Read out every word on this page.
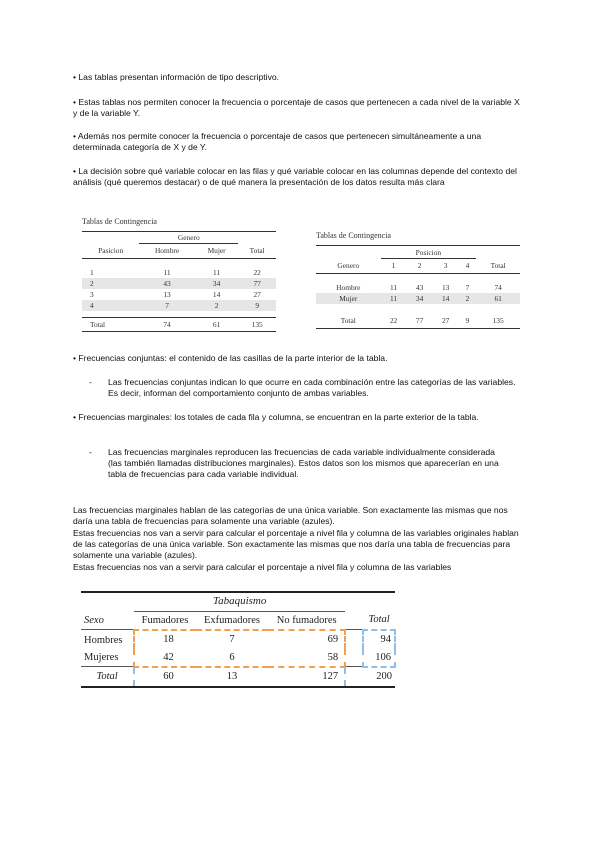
• Las tablas presentan información de tipo descriptivo.

• Estas tablas nos permiten conocer la frecuencia o porcentaje de casos que pertenecen a cada nivel de la variable X y de la variable Y.

• Además nos permite conocer la frecuencia o porcentaje de casos que pertenecen simultáneamente a una determinada categoría de X y de Y.

• La decisión sobre qué variable colocar en las filas y qué variable colocar en las columnas depende del contexto del análisis (qué queremos destacar) o de qué manera la presentación de los datos resulta más clara

Tablas de Contingencia
	Genero		
Pasicion	Hombre	Mujer	Total

1	11	11	22
2	43	34	77
3	13	14	27
4	7	2	9

Total	74	61	135
Tablas de Contingencia
	Posicion				
Genero	1	2	3	4	Total

Hombre	11	43	13	7	74
Mujer	11	34	14	2	61

Total	22	77	27	9	135

• Frecuencias conjuntas: el contenido de las casillas de la parte interior de la tabla.

- Las frecuencias conjuntas indican lo que ocurre en cada combinación entre las categorías de las variables. Es decir, informan del comportamiento conjunto de ambas variables.

• Frecuencias marginales: los totales de cada fila y columna, se encuentran en la parte exterior de la tabla.

- Las frecuencias marginales reproducen las frecuencias de cada variable individualmente considerada (las también llamadas distribuciones marginales). Estos datos son los mismos que aparecerían en una tabla de frecuencias para cada variable individual.

Las frecuencias marginales hablan de las categorías de una única variable. Son exactamente las mismas que nos daría una tabla de frecuencias para solamente una variable (azules).

Estas frecuencias nos van a servir para calcular el porcentaje a nivel fila y columna de las variables originales hablan de las categorías de una única variable. Son exactamente las mismas que nos daría una tabla de frecuencias para solamente una variable (azules).

Estas frecuencias nos van a servir para calcular el porcentaje a nivel fila y columna de las variables

	Tabaquismo				
Sexo	Fumadores	Exfumadores	No fumadores		Total
Hombres	18	7	69		94
Mujeres	42	6	58		106
Total	60	13	127		200
